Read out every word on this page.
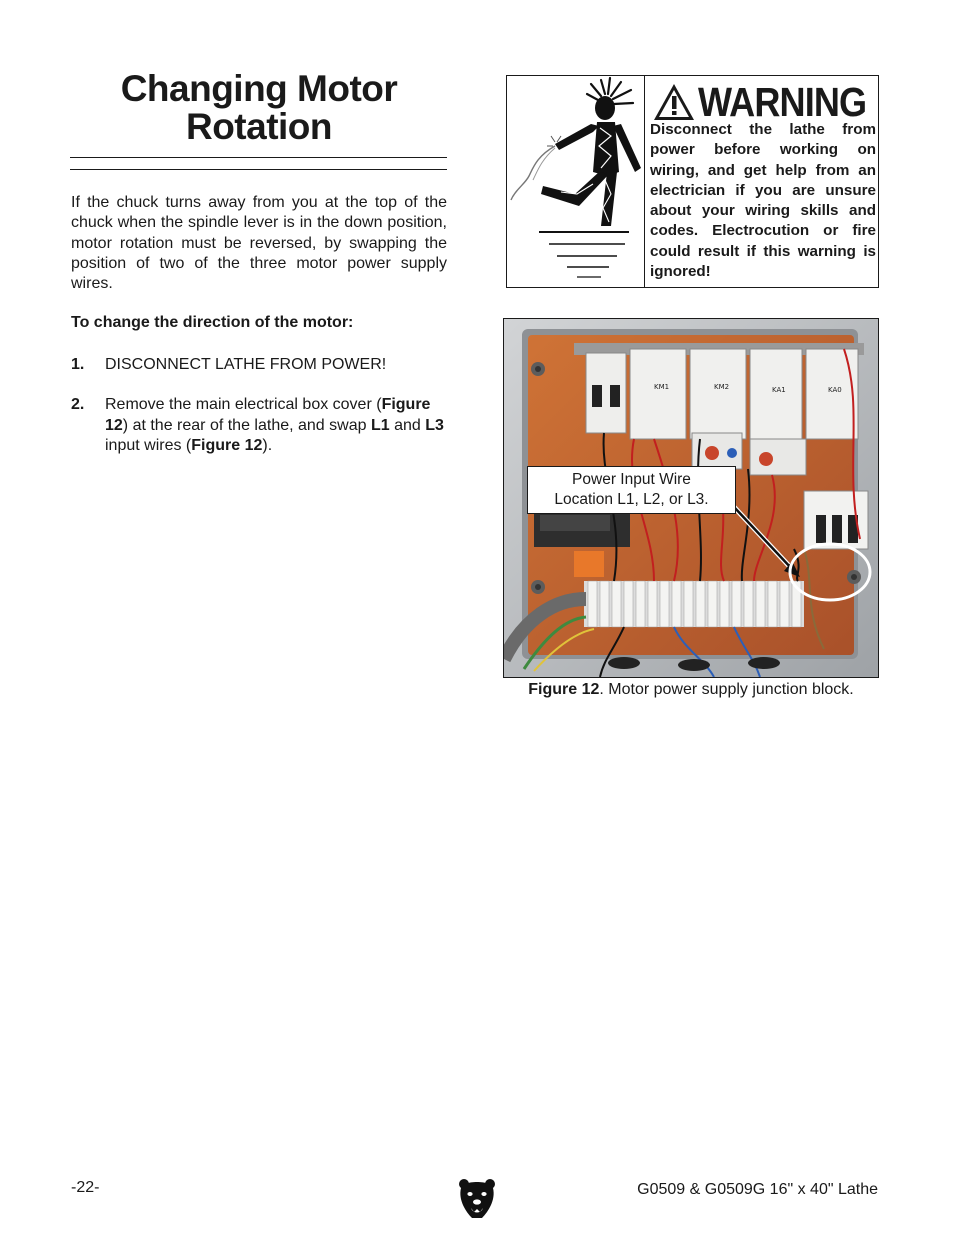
Changing Motor
Rotation
If the chuck turns away from you at the top of the chuck when the spindle lever is in the down position, motor rotation must be reversed, by swapping the position of two of the three motor power supply wires.
To change the direction of the motor:
1. DISCONNECT LATHE FROM POWER!
2. Remove the main electrical box cover (Figure 12) at the rear of the lathe, and swap L1 and L3 input wires (Figure 12).
WARNING
Disconnect the lathe from power before working on wiring, and get help from an electrician if you are unsure about your wiring skills and codes. Electrocution or fire could result if this warning is ignored!
KM1	KM2	KA1	KA0
Power Input Wire
Location L1, L2, or L3.
Figure 12. Motor power supply junction block.
-22-	G0509 & G0509G 16" x 40" Lathe
